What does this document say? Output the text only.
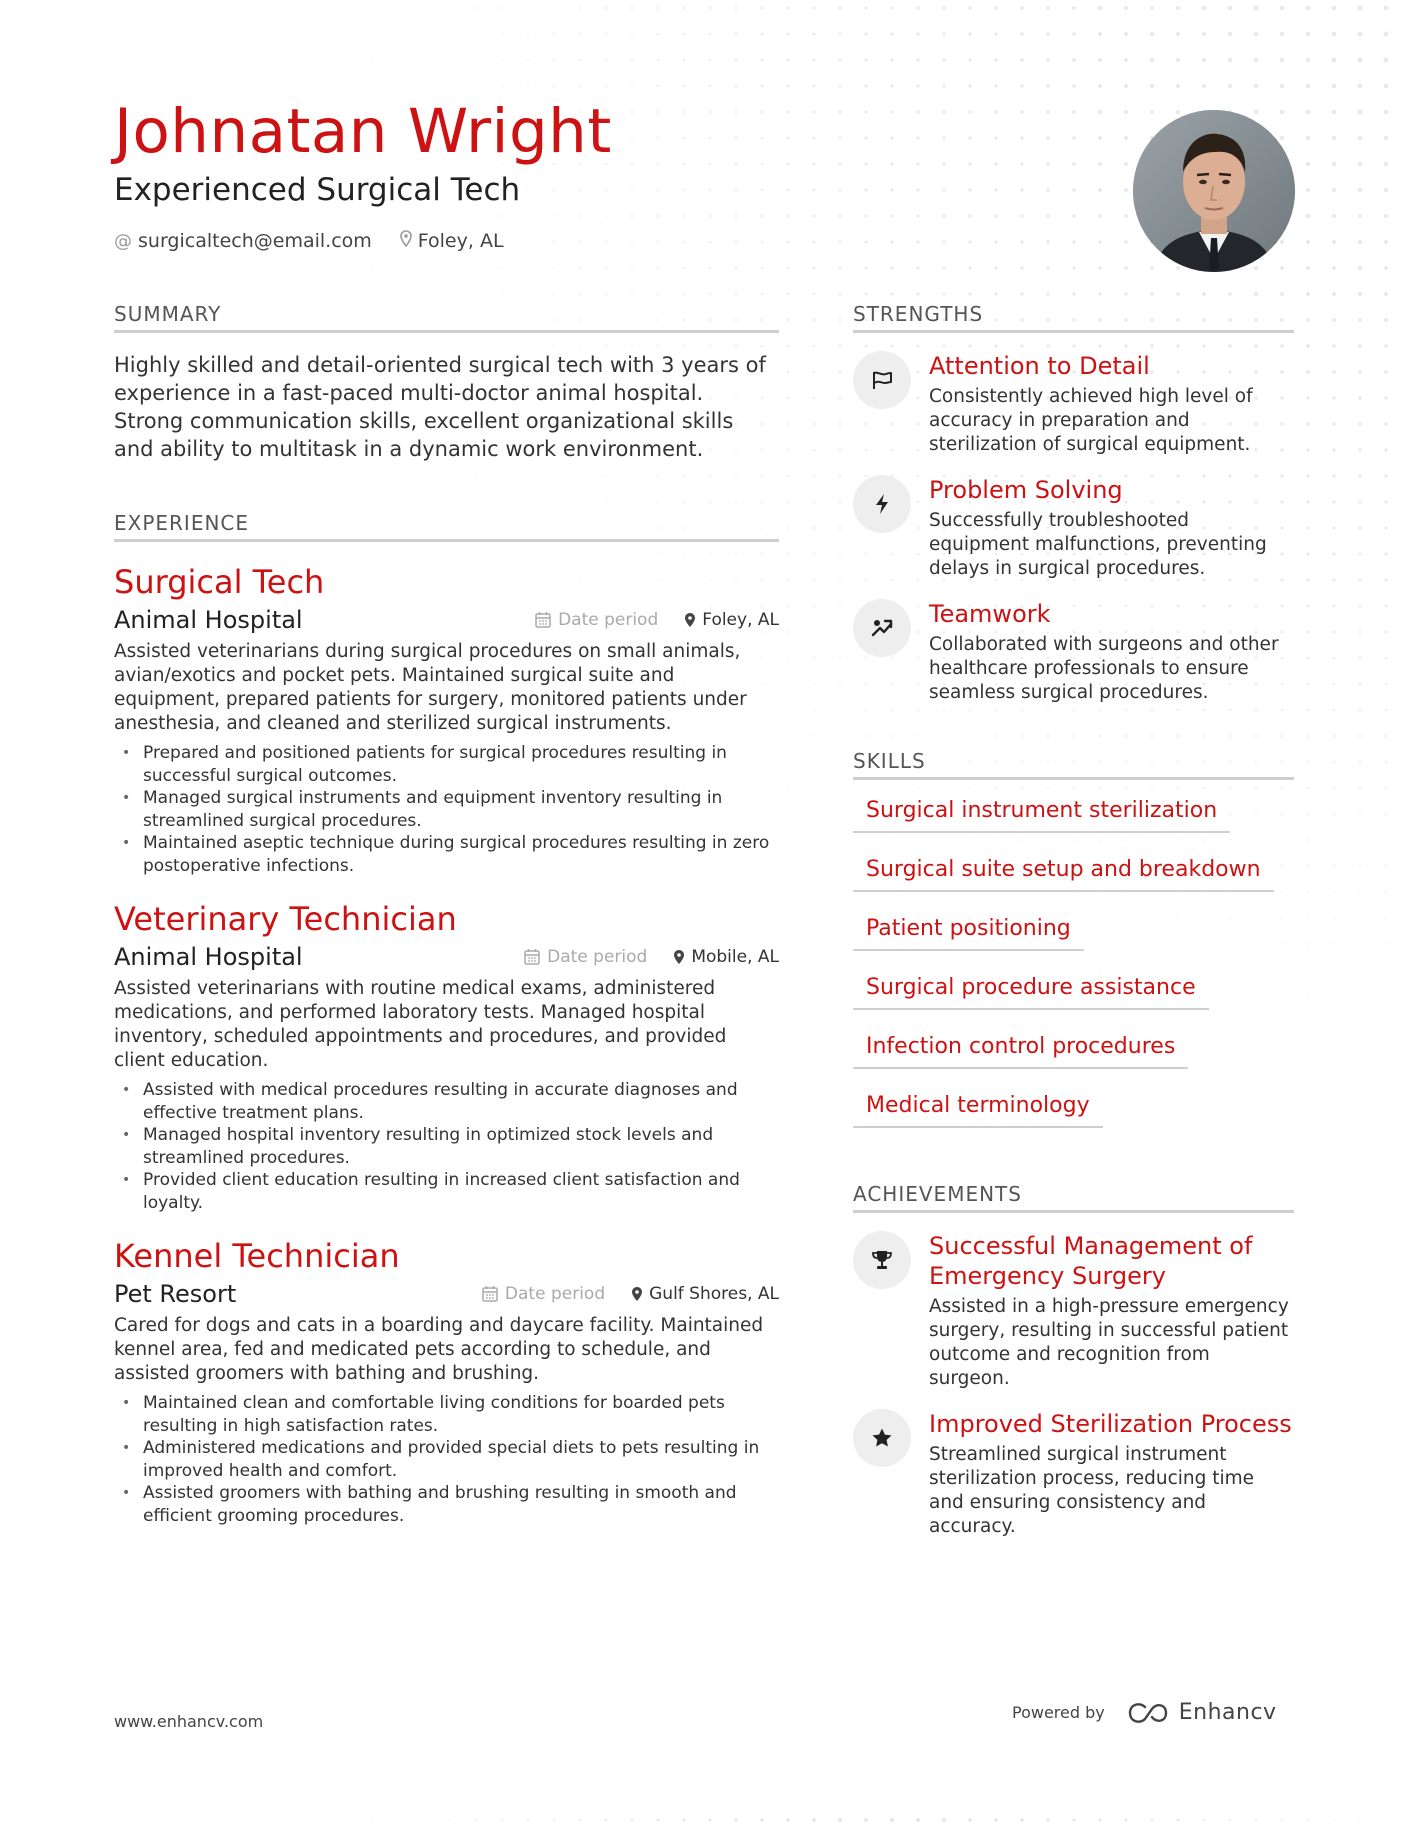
Johnatan Wright
Experienced Surgical Tech
@ surgicaltech@email.com Foley, AL
SUMMARY
Highly skilled and detail-oriented surgical tech with 3 years of experience in a fast-paced multi-doctor animal hospital. Strong communication skills, excellent organizational skills and ability to multitask in a dynamic work environment.
EXPERIENCE
Surgical Tech
Animal Hospital	Date period	Foley, AL
Assisted veterinarians during surgical procedures on small animals, avian/exotics and pocket pets. Maintained surgical suite and equipment, prepared patients for surgery, monitored patients under anesthesia, and cleaned and sterilized surgical instruments.
• Prepared and positioned patients for surgical procedures resulting in successful surgical outcomes.
• Managed surgical instruments and equipment inventory resulting in streamlined surgical procedures.
• Maintained aseptic technique during surgical procedures resulting in zero postoperative infections.
Veterinary Technician
Animal Hospital	Date period	Mobile, AL
Assisted veterinarians with routine medical exams, administered medications, and performed laboratory tests. Managed hospital inventory, scheduled appointments and procedures, and provided client education.
• Assisted with medical procedures resulting in accurate diagnoses and effective treatment plans.
• Managed hospital inventory resulting in optimized stock levels and streamlined procedures.
• Provided client education resulting in increased client satisfaction and loyalty.
Kennel Technician
Pet Resort	Date period	Gulf Shores, AL
Cared for dogs and cats in a boarding and daycare facility. Maintained kennel area, fed and medicated pets according to schedule, and assisted groomers with bathing and brushing.
• Maintained clean and comfortable living conditions for boarded pets resulting in high satisfaction rates.
• Administered medications and provided special diets to pets resulting in improved health and comfort.
• Assisted groomers with bathing and brushing resulting in smooth and efficient grooming procedures.
STRENGTHS
Attention to Detail
Consistently achieved high level of accuracy in preparation and sterilization of surgical equipment.
Problem Solving
Successfully troubleshooted equipment malfunctions, preventing delays in surgical procedures.
Teamwork
Collaborated with surgeons and other healthcare professionals to ensure seamless surgical procedures.
SKILLS
Surgical instrument sterilization
Surgical suite setup and breakdown
Patient positioning
Surgical procedure assistance
Infection control procedures
Medical terminology
ACHIEVEMENTS
Successful Management of Emergency Surgery
Assisted in a high-pressure emergency surgery, resulting in successful patient outcome and recognition from surgeon.
Improved Sterilization Process
Streamlined surgical instrument sterilization process, reducing time and ensuring consistency and accuracy.
www.enhancv.com	Powered by	Enhancv
